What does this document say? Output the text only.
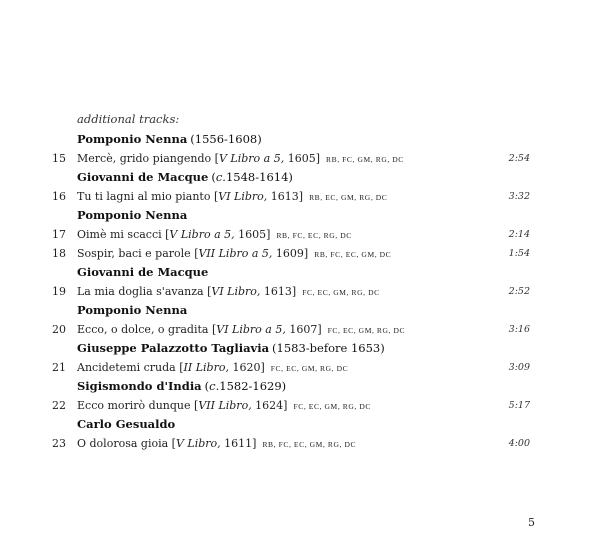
additional tracks:
Pomponio Nenna (1556-1608)
15	Mercè, grido piangendo [V Libro a 5, 1605] RB, FC, GM, RG, DC	2:54
Giovanni de Macque (c.1548-1614)
16	Tu ti lagni al mio pianto [VI Libro, 1613] RB, EC, GM, RG, DC	3:32
Pomponio Nenna
17	Oimè mi scacci [V Libro a 5, 1605] RB, FC, EC, RG, DC	2:14
18	Sospir, baci e parole [VII Libro a 5, 1609] RB, FC, EC, GM, DC	1:54
Giovanni de Macque
19	La mia doglia s'avanza [VI Libro, 1613] FC, EC, GM, RG, DC	2:52
Pomponio Nenna
20	Ecco, o dolce, o gradita [VI Libro a 5, 1607] FC, EC, GM, RG, DC	3:16
Giuseppe Palazzotto Tagliavia (1583-before 1653)
21	Ancidetemi cruda [II Libro, 1620] FC, EC, GM, RG, DC	3:09
Sigismondo d'India (c.1582-1629)
22	Ecco morirò dunque [VII Libro, 1624] FC, EC, GM, RG, DC	5:17
Carlo Gesualdo
23	O dolorosa gioia [V Libro, 1611] RB, FC, EC, GM, RG, DC	4:00
5
